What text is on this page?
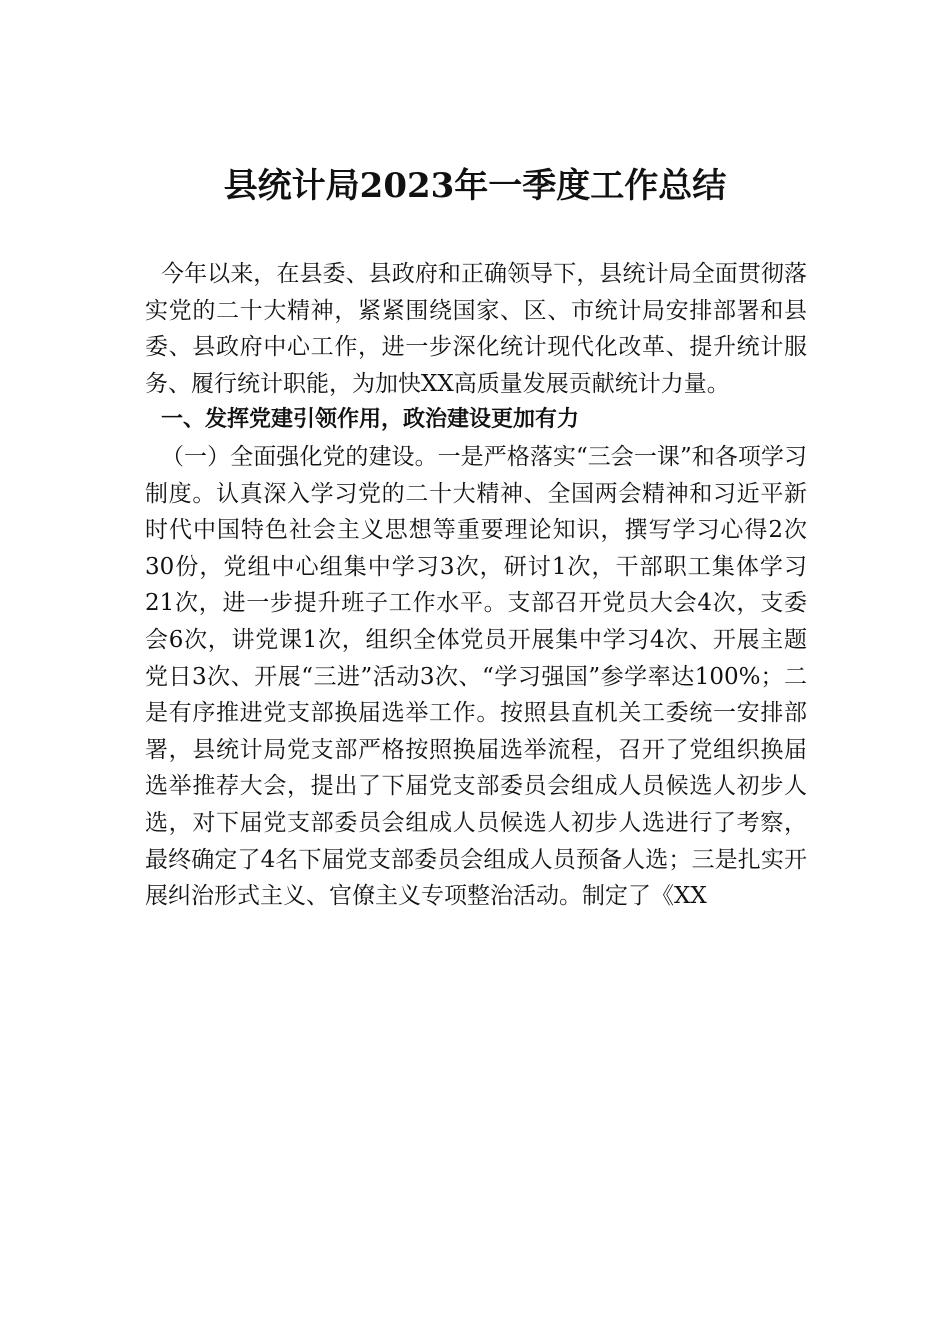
县统计局2023年一季度工作总结

今年以来，在县委、县政府和正确领导下，县统计局全面贯彻落实党的二十大精神，紧紧围绕国家、区、市统计局安排部署和县委、县政府中心工作，进一步深化统计现代化改革、提升统计服务、履行统计职能，为加快XX高质量发展贡献统计力量。

一、发挥党建引领作用，政治建设更加有力

（一）全面强化党的建设。一是严格落实“三会一课”和各项学习制度。认真深入学习党的二十大精神、全国两会精神和习近平新时代中国特色社会主义思想等重要理论知识，撰写学习心得2次30份，党组中心组集中学习3次，研讨1次，干部职工集体学习21次，进一步提升班子工作水平。支部召开党员大会4次，支委会6次，讲党课1次，组织全体党员开展集中学习4次、开展主题党日3次、开展“三进”活动3次、“学习强国”参学率达100%；二是有序推进党支部换届选举工作。按照县直机关工委统一安排部署，县统计局党支部严格按照换届选举流程，召开了党组织换届选举推荐大会，提出了下届党支部委员会组成人员候选人初步人选，对下届党支部委员会组成人员候选人初步人选进行了考察，最终确定了4名下届党支部委员会组成人员预备人选；三是扎实开展纠治形式主义、官僚主义专项整治活动。制定了《XX
